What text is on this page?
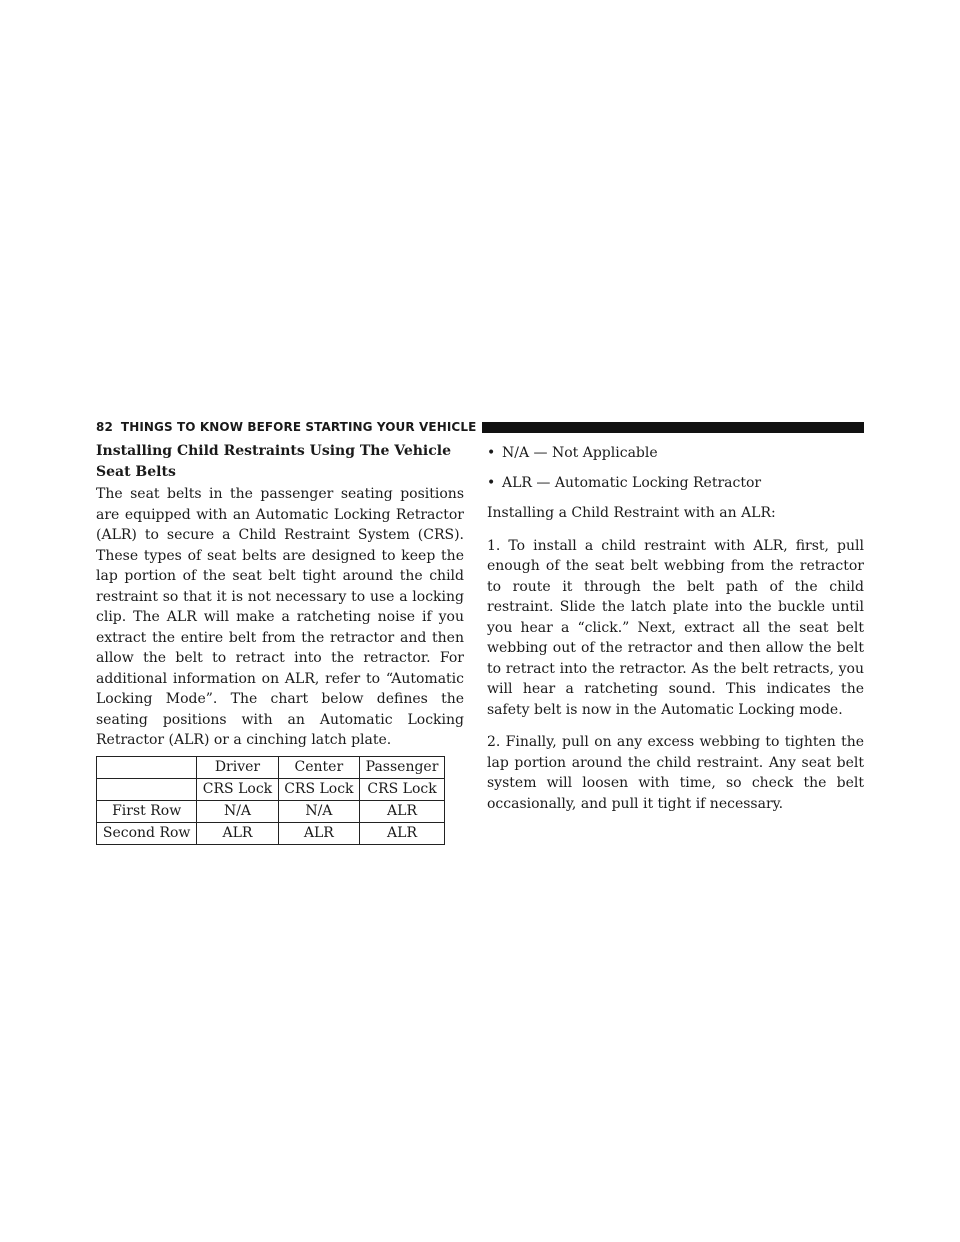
82 THINGS TO KNOW BEFORE STARTING YOUR VEHICLE
Installing Child Restraints Using The Vehicle Seat Belts

The seat belts in the passenger seating positions are equipped with an Automatic Locking Retractor (ALR) to secure a Child Restraint System (CRS). These types of seat belts are designed to keep the lap portion of the seat belt tight around the child restraint so that it is not necessary to use a locking clip. The ALR will make a ratcheting noise if you extract the entire belt from the retractor and then allow the belt to retract into the retractor. For additional information on ALR, refer to “Automatic Locking Mode”. The chart below defines the seating positions with an Automatic Locking Retractor (ALR) or a cinching latch plate.

	Driver	Center	Passenger
	CRS Lock	CRS Lock	CRS Lock
First Row	N/A	N/A	ALR
Second Row	ALR	ALR	ALR
• N/A — Not Applicable
• ALR — Automatic Locking Retractor

Installing a Child Restraint with an ALR:

1. To install a child restraint with ALR, first, pull enough of the seat belt webbing from the retractor to route it through the belt path of the child restraint. Slide the latch plate into the buckle until you hear a “click.” Next, extract all the seat belt webbing out of the retractor and then allow the belt to retract into the retractor. As the belt retracts, you will hear a ratcheting sound. This indicates the safety belt is now in the Automatic Locking mode.

2. Finally, pull on any excess webbing to tighten the lap portion around the child restraint. Any seat belt system will loosen with time, so check the belt occasionally, and pull it tight if necessary.
